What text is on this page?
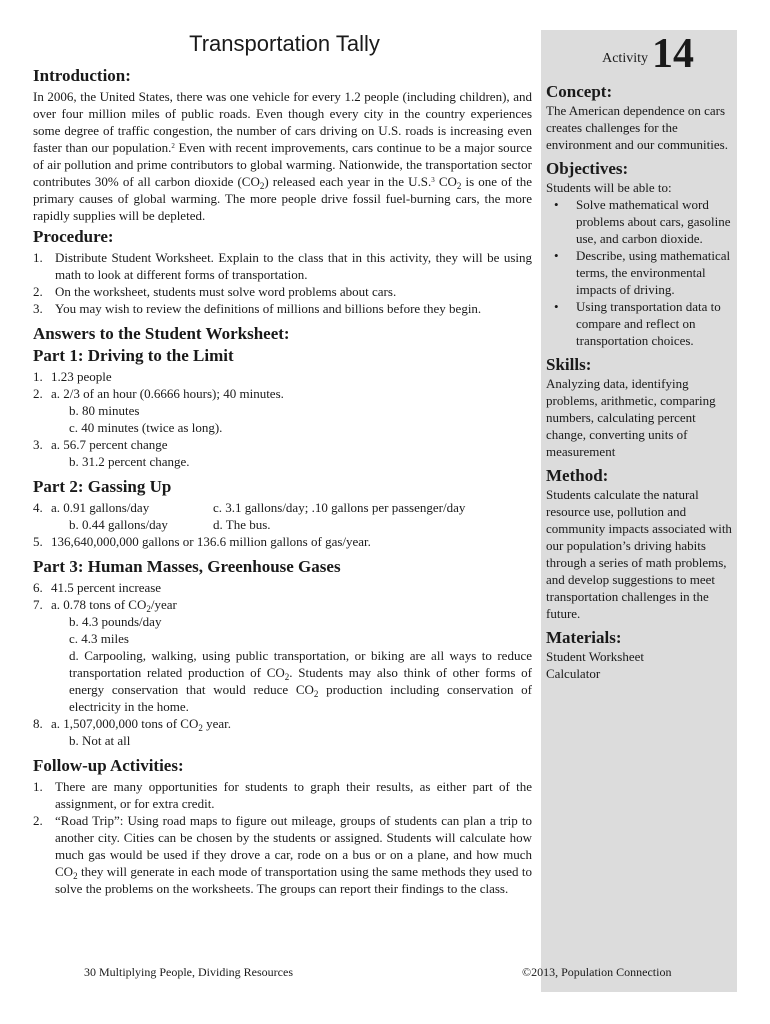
Transportation Tally
Introduction:

In 2006, the United States, there was one vehicle for every 1.2 people (including children), and over four million miles of public roads. Even though every city in the country experiences some degree of traffic congestion, the number of cars driving on U.S. roads is increasing even faster than our population.$^2$ Even with recent improvements, cars continue to be a major source of air pollution and prime contributors to global warming. Nationwide, the transportation sector contributes 30% of all carbon dioxide $(CO_2)$ released each year in the U.S.$^3$ $CO_2$ is one of the primary causes of global warming. The more people drive fossil fuel-burning cars, the more rapidly supplies will be depleted.

Procedure:
1. Distribute Student Worksheet. Explain to the class that in this activity, they will be using math to look at different forms of transportation.
2. On the worksheet, students must solve word problems about cars.
3. You may wish to review the definitions of millions and billions before they begin.
Answers to the Student Worksheet:
Part 1: Driving to the Limit
1. 1.23 people
2. a. 2/3 of an hour (0.6666 hours); 40 minutes.
b. 80 minutes
c. 40 minutes (twice as long).
3. a. 56.7 percent change
b. 31.2 percent change.
Part 2: Gassing Up
4. a. 0.91 gallons/day	c. 3.1 gallons/day; .10 gallons per passenger/day
b. 0.44 gallons/day	d. The bus.
5. 136,640,000,000 gallons or 136.6 million gallons of gas/year.
Part 3: Human Masses, Greenhouse Gases
6. 41.5 percent increase
7. a. 0.78 tons of $CO_2$/year
b. 4.3 pounds/day
c. 4.3 miles
d. Carpooling, walking, using public transportation, or biking are all ways to reduce transportation related production of $CO_2$. Students may also think of other forms of energy conservation that would reduce $CO_2$ production including conservation of electricity in the home.
8. a. 1,507,000,000 tons of $CO_2$ year.
b. Not at all
Follow-up Activities:
1. There are many opportunities for students to graph their results, as either part of the assignment, or for extra credit.
2. “Road Trip”: Using road maps to figure out mileage, groups of students can plan a trip to another city. Cities can be chosen by the students or assigned. Students will calculate how much gas would be used if they drove a car, rode on a bus or on a plane, and how much $CO_2$ they will generate in each mode of transportation using the same methods they used to solve the problems on the worksheets. The groups can report their findings to the class.
Activity 14
Concept:

The American dependence on cars creates challenges for the environment and our communities.

Objectives:

Students will be able to:

• Solve mathematical word problems about cars, gasoline use, and carbon dioxide.
• Describe, using mathematical terms, the environmental impacts of driving.
• Using transportation data to compare and reflect on transportation choices.
Skills:

Analyzing data, identifying problems, arithmetic, comparing numbers, calculating percent change, converting units of measurement

Method:

Students calculate the natural resource use, pollution and community impacts associated with our population’s driving habits through a series of math problems, and develop suggestions to meet transportation challenges in the future.

Materials:
Student Worksheet
Calculator
30 Multiplying People, Dividing Resources	©2013, Population Connection
